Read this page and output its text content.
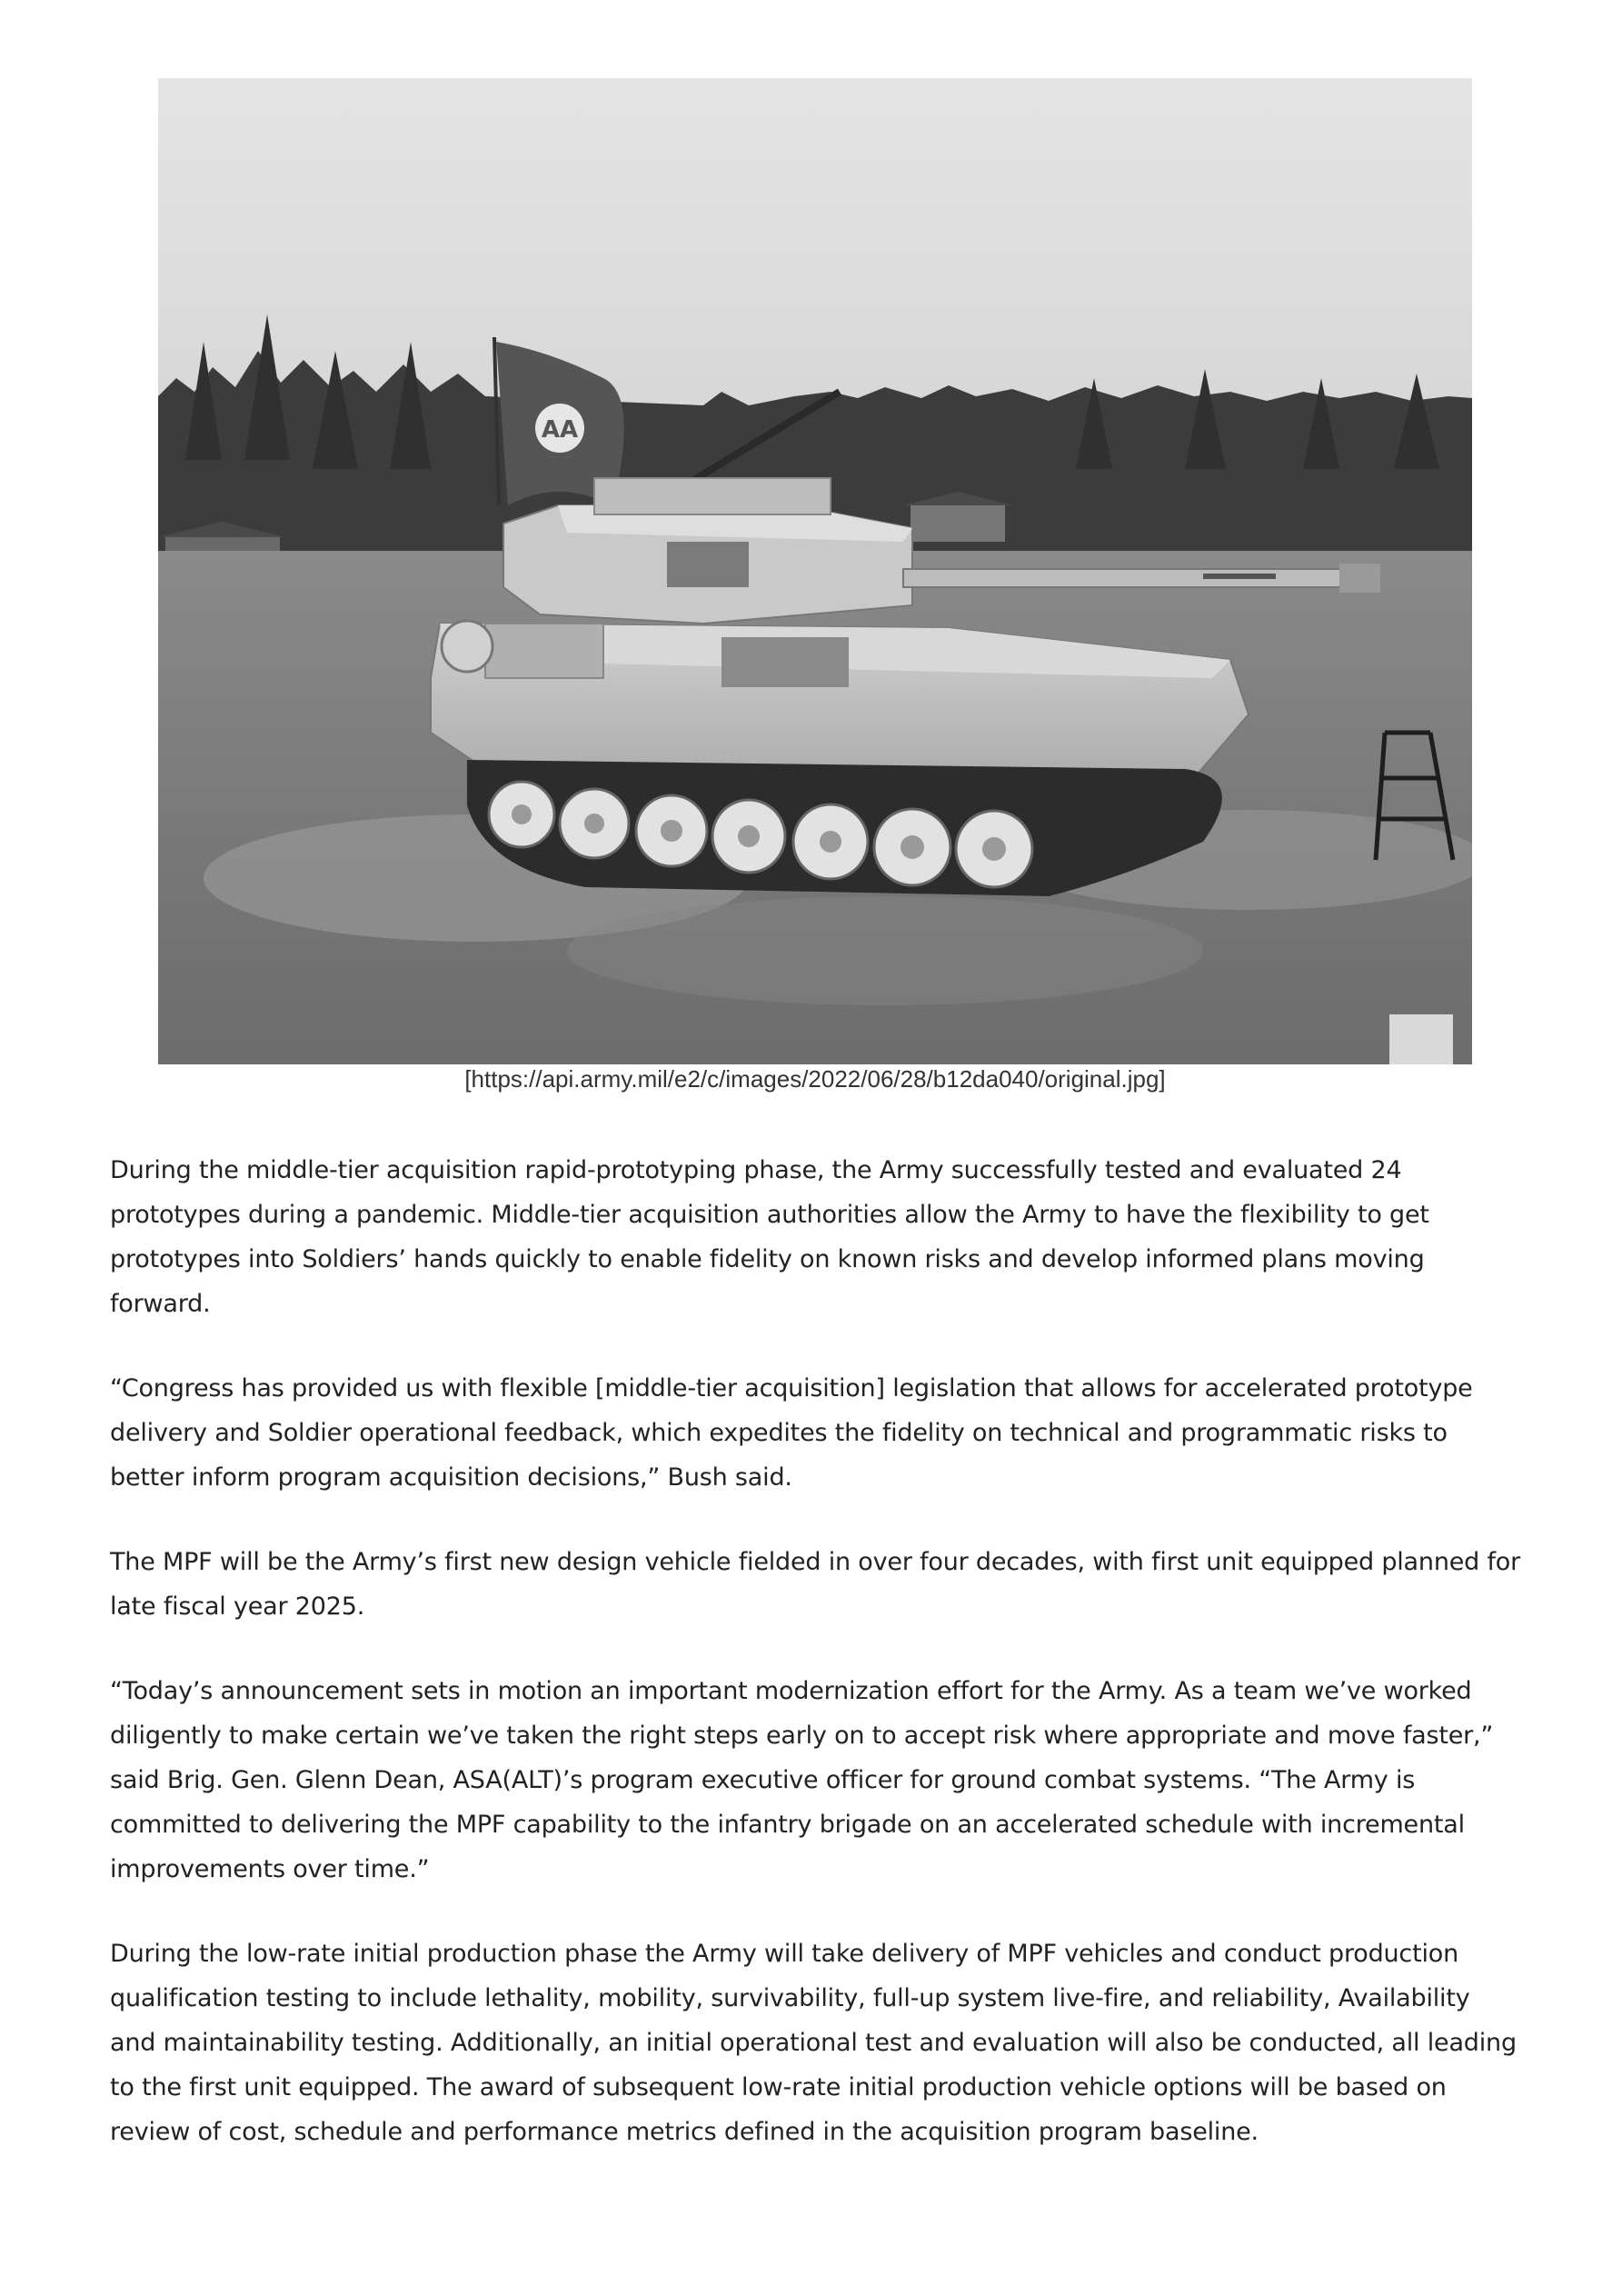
AA
[https://api.army.mil/e2/c/images/2022/06/28/b12da040/original.jpg]

During the middle-tier acquisition rapid-prototyping phase, the Army successfully tested and evaluated 24 prototypes during a pandemic. Middle-tier acquisition authorities allow the Army to have the flexibility to get prototypes into Soldiers’ hands quickly to enable fidelity on known risks and develop informed plans moving forward.

“Congress has provided us with flexible [middle-tier acquisition] legislation that allows for accelerated prototype delivery and Soldier operational feedback, which expedites the fidelity on technical and programmatic risks to better inform program acquisition decisions,” Bush said.

The MPF will be the Army’s first new design vehicle fielded in over four decades, with first unit equipped planned for late fiscal year 2025.

“Today’s announcement sets in motion an important modernization effort for the Army. As a team we’ve worked diligently to make certain we’ve taken the right steps early on to accept risk where appropriate and move faster,” said Brig. Gen. Glenn Dean, ASA(ALT)’s program executive officer for ground combat systems. “The Army is committed to delivering the MPF capability to the infantry brigade on an accelerated schedule with incremental improvements over time.”

During the low-rate initial production phase the Army will take delivery of MPF vehicles and conduct production qualification testing to include lethality, mobility, survivability, full-up system live-fire, and reliability, Availability and maintainability testing. Additionally, an initial operational test and evaluation will also be conducted, all leading to the first unit equipped. The award of subsequent low-rate initial production vehicle options will be based on review of cost, schedule and performance metrics defined in the acquisition program baseline.
